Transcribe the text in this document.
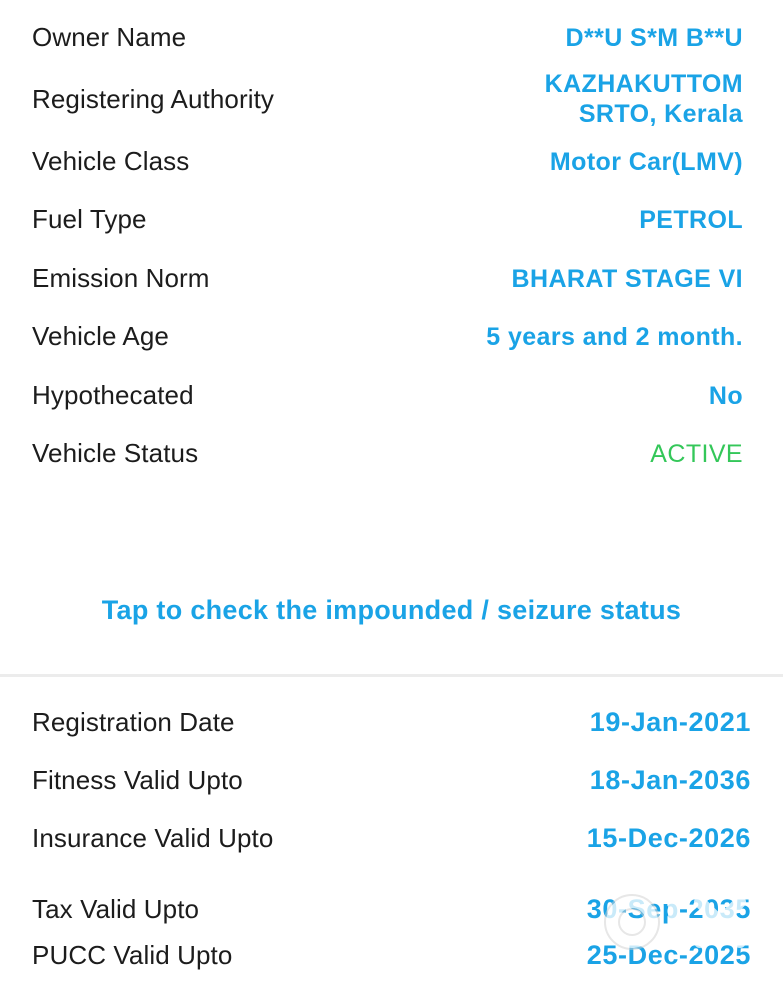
Owner Name	D**U S*M B**U
Registering Authority	KAZHAKUTTOM
SRTO, Kerala
Vehicle Class	Motor Car(LMV)
Fuel Type	PETROL
Emission Norm	BHARAT STAGE VI
Vehicle Age	5 years and 2 month.
Hypothecated	No
Vehicle Status	ACTIVE
Tap to check the impounded / seizure status
Registration Date	19-Jan-2021
Fitness Valid Upto	18-Jan-2036
Insurance Valid Upto	15-Dec-2026
Tax Valid Upto	30-Sep-2035
PUCC Valid Upto	25-Dec-2025
